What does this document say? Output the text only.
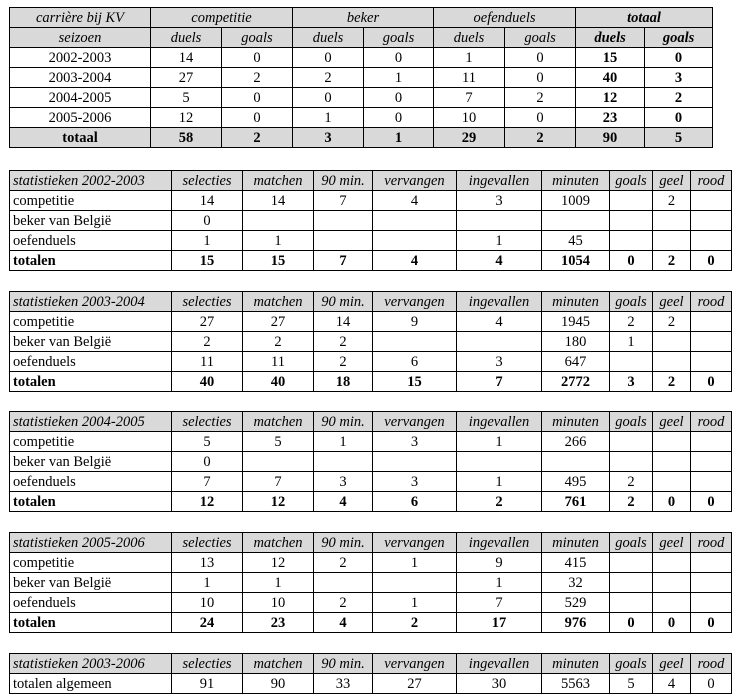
carrière bij KV	competitie		beker		oefenduels		totaal	
seizoen	duels	goals	duels	goals	duels	goals	duels	goals
2002-2003	14	0	0	0	1	0	15	0
2003-2004	27	2	2	1	11	0	40	3
2004-2005	5	0	0	0	7	2	12	2
2005-2006	12	0	1	0	10	0	23	0
totaal	58	2	3	1	29	2	90	5
statistieken 2002-2003	selecties	matchen	90 min.	vervangen	ingevallen	minuten	goals	geel	rood
competitie	14	14	7	4	3	1009		2	
beker van België	0								
oefenduels	1	1			1	45			
totalen	15	15	7	4	4	1054	0	2	0
statistieken 2003-2004	selecties	matchen	90 min.	vervangen	ingevallen	minuten	goals	geel	rood
competitie	27	27	14	9	4	1945	2	2	
beker van België	2	2	2			180	1		
oefenduels	11	11	2	6	3	647			
totalen	40	40	18	15	7	2772	3	2	0
statistieken 2004-2005	selecties	matchen	90 min.	vervangen	ingevallen	minuten	goals	geel	rood
competitie	5	5	1	3	1	266			
beker van België	0								
oefenduels	7	7	3	3	1	495	2		
totalen	12	12	4	6	2	761	2	0	0
statistieken 2005-2006	selecties	matchen	90 min.	vervangen	ingevallen	minuten	goals	geel	rood
competitie	13	12	2	1	9	415			
beker van België	1	1			1	32			
oefenduels	10	10	2	1	7	529			
totalen	24	23	4	2	17	976	0	0	0
statistieken 2003-2006	selecties	matchen	90 min.	vervangen	ingevallen	minuten	goals	geel	rood
totalen algemeen	91	90	33	27	30	5563	5	4	0
